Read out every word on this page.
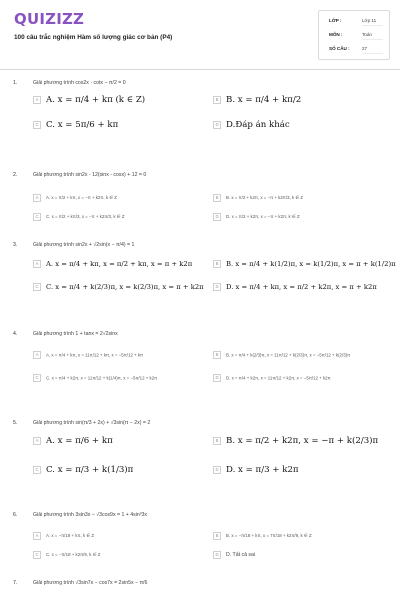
QUIZIZZ
100 câu trắc nghiệm Hàm số lượng giác cơ bản (P4)
LỚP :	Lớp 11
MÔN :	Toán
SỐ CÂU :	27
1.	Giải phương trình cos2x · cotx − π/2 = 0
A A. x = π/4 + kπ (k ∈ Z)	B B. x = π/4 + kπ/2
C C. x = 5π/6 + kπ	D D.Đáp án khác
2.	Giải phương trình sin2x - 12(sinx - cosx) + 12 = 0
A	A. x = π/2 + kπ, x = −π + k2π, k ∈ Z	B	B. x = π/2 + k2π, x = −π + k2π/3, k ∈ Z
C	C. x = π/2 + kπ/3, x = −π + k2π/3, k ∈ Z	D	D. x = π/2 + k2π, x = −π + k2π, k ∈ Z
3.	Giải phương trình sin2x + √2sin(x − π/4) = 1
A	A. x = π/4 + kπ, x = π/2 + kπ, x = π + k2π	B	B. x = π/4 + k(1/2)π, x = k(1/2)π, x = π + k(1/2)π
C	C. x = π/4 + k(2/3)π, x = k(2/3)π, x = π + k2π	D	D. x = π/4 + kπ, x = π/2 + k2π, x = π + k2π
4.	Giải phương trình 1 + tanx = 2√2sinx
A	A. x = π/4 + kπ, x = 11π/12 + kπ, x = −5π/12 + kπ	B	B. x = π/4 + k(2/3)π, x = 11π/12 + k(2/3)π, x = −5π/12 + k(2/3)π
C	C. x = π/4 + k2π, x = 11π/12 + k(1/4)π, x = −5π/12 + k2π	D	D. x = π/4 + k2π, x = 11π/12 + k2π, x = −5π/12 + k2π
5.	Giải phương trình sin(π/3 + 2x) + √3sin(π − 2x) = 2
A A. x = π/6 + kπ	B B. x = π/2 + k2π, x = −π + k(2/3)π
C C. x = π/3 + k(1/3)π	D D. x = π/3 + k2π
6.	Giải phương trình 3sin3x − √3cos9x = 1 + 4sin³3x
A	A. x = −π/18 + kπ, k ∈ Z	B	B. x = −π/18 + kπ, x = 7π/18 + k2π/9, k ∈ Z
C	C. x = −π/18 + k2π/9, k ∈ Z	D	D. Tất cả sai
7.	Giải phương trình √3sin7x − cos7x = 2sin5x − π/6
